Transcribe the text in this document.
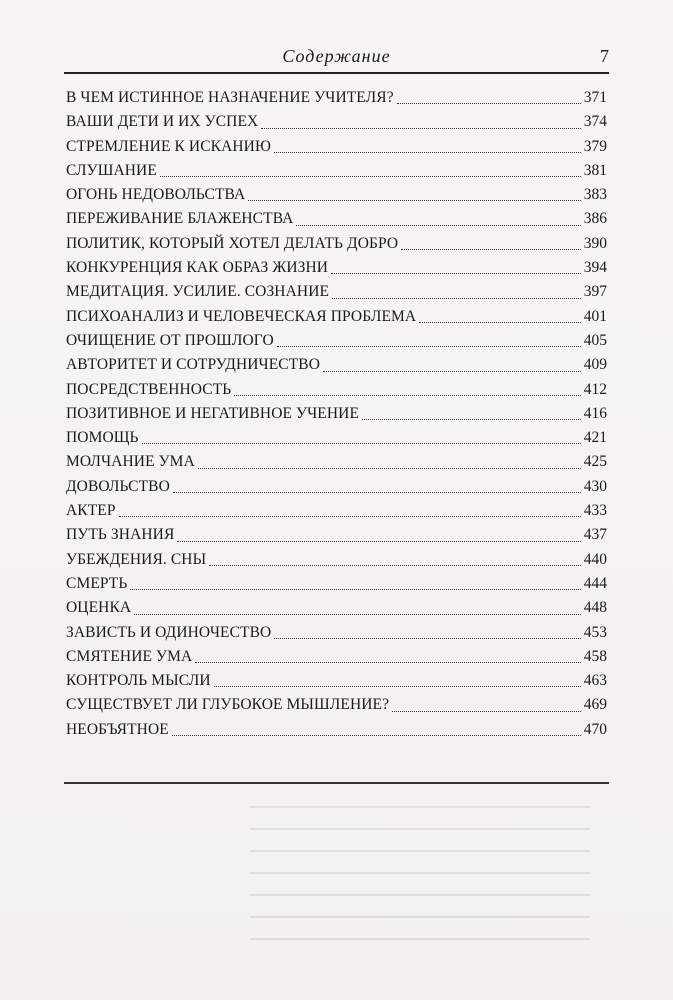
Содержание	7
В ЧЕМ ИСТИННОЕ НАЗНАЧЕНИЕ УЧИТЕЛЯ?	371
ВАШИ ДЕТИ И ИХ УСПЕХ	374
СТРЕМЛЕНИЕ К ИСКАНИЮ	379
СЛУШАНИЕ	381
ОГОНЬ НЕДОВОЛЬСТВА	383
ПЕРЕЖИВАНИЕ БЛАЖЕНСТВА	386
ПОЛИТИК, КОТОРЫЙ ХОТЕЛ ДЕЛАТЬ ДОБРО	390
КОНКУРЕНЦИЯ КАК ОБРАЗ ЖИЗНИ	394
МЕДИТАЦИЯ. УСИЛИЕ. СОЗНАНИЕ	397
ПСИХОАНАЛИЗ И ЧЕЛОВЕЧЕСКАЯ ПРОБЛЕМА	401
ОЧИЩЕНИЕ ОТ ПРОШЛОГО	405
АВТОРИТЕТ И СОТРУДНИЧЕСТВО	409
ПОСРЕДСТВЕННОСТЬ	412
ПОЗИТИВНОЕ И НЕГАТИВНОЕ УЧЕНИЕ	416
ПОМОЩЬ	421
МОЛЧАНИЕ УМА	425
ДОВОЛЬСТВО	430
АКТЕР	433
ПУТЬ ЗНАНИЯ	437
УБЕЖДЕНИЯ. СНЫ	440
СМЕРТЬ	444
ОЦЕНКА	448
ЗАВИСТЬ И ОДИНОЧЕСТВО	453
СМЯТЕНИЕ УМА	458
КОНТРОЛЬ МЫСЛИ	463
СУЩЕСТВУЕТ ЛИ ГЛУБОКОЕ МЫШЛЕНИЕ?	469
НЕОБЪЯТНОЕ	470
